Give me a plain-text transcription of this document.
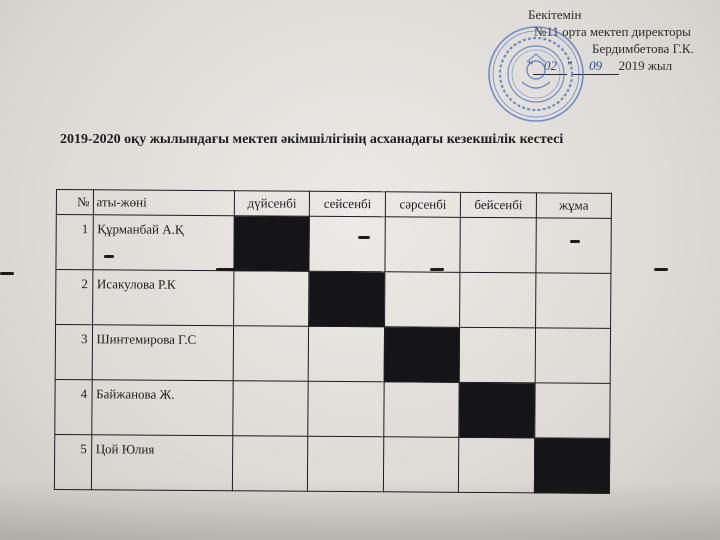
Бекітемін
№11 орта мектеп директоры
Бердимбетова Г.К.
" 02 " 09 2019 жыл
2019-2020 оқу жылындағы мектеп әкімшілігінің асханадағы кезекшілік кестесі
№	аты-жөні	дүйсенбі	сейсенбі	сәрсенбі	бейсенбі	жұма
1	Құрманбай А.Қ					
2	Исакулова Р.К					
3	Шинтемирова Г.С					
4	Байжанова Ж.					
5	Цой Юлия					
